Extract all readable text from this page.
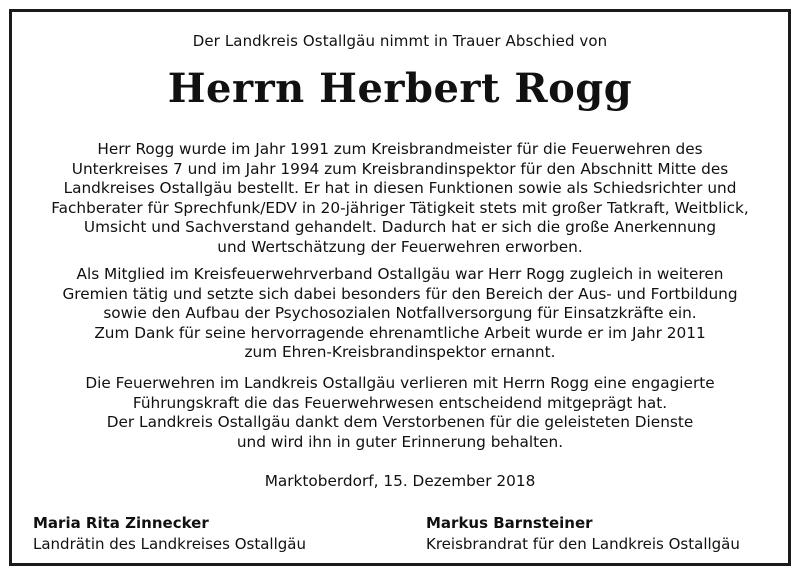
Der Landkreis Ostallgäu nimmt in Trauer Abschied von
Herrn Herbert Rogg
Herr Rogg wurde im Jahr 1991 zum Kreisbrandmeister für die Feuerwehren des
Unterkreises 7 und im Jahr 1994 zum Kreisbrandinspektor für den Abschnitt Mitte des
Landkreises Ostallgäu bestellt. Er hat in diesen Funktionen sowie als Schiedsrichter und
Fachberater für Sprechfunk/EDV in 20-jähriger Tätigkeit stets mit großer Tatkraft, Weitblick,
Umsicht und Sachverstand gehandelt. Dadurch hat er sich die große Anerkennung
und Wertschätzung der Feuerwehren erworben.
Als Mitglied im Kreisfeuerwehrverband Ostallgäu war Herr Rogg zugleich in weiteren
Gremien tätig und setzte sich dabei besonders für den Bereich der Aus- und Fortbildung
sowie den Aufbau der Psychosozialen Notfallversorgung für Einsatzkräfte ein.
Zum Dank für seine hervorragende ehrenamtliche Arbeit wurde er im Jahr 2011
zum Ehren-Kreisbrandinspektor ernannt.
Die Feuerwehren im Landkreis Ostallgäu verlieren mit Herrn Rogg eine engagierte
Führungskraft die das Feuerwehrwesen entscheidend mitgeprägt hat.
Der Landkreis Ostallgäu dankt dem Verstorbenen für die geleisteten Dienste
und wird ihn in guter Erinnerung behalten.
Marktoberdorf, 15. Dezember 2018
Maria Rita Zinnecker
Landrätin des Landkreises Ostallgäu
Markus Barnsteiner
Kreisbrandrat für den Landkreis Ostallgäu
